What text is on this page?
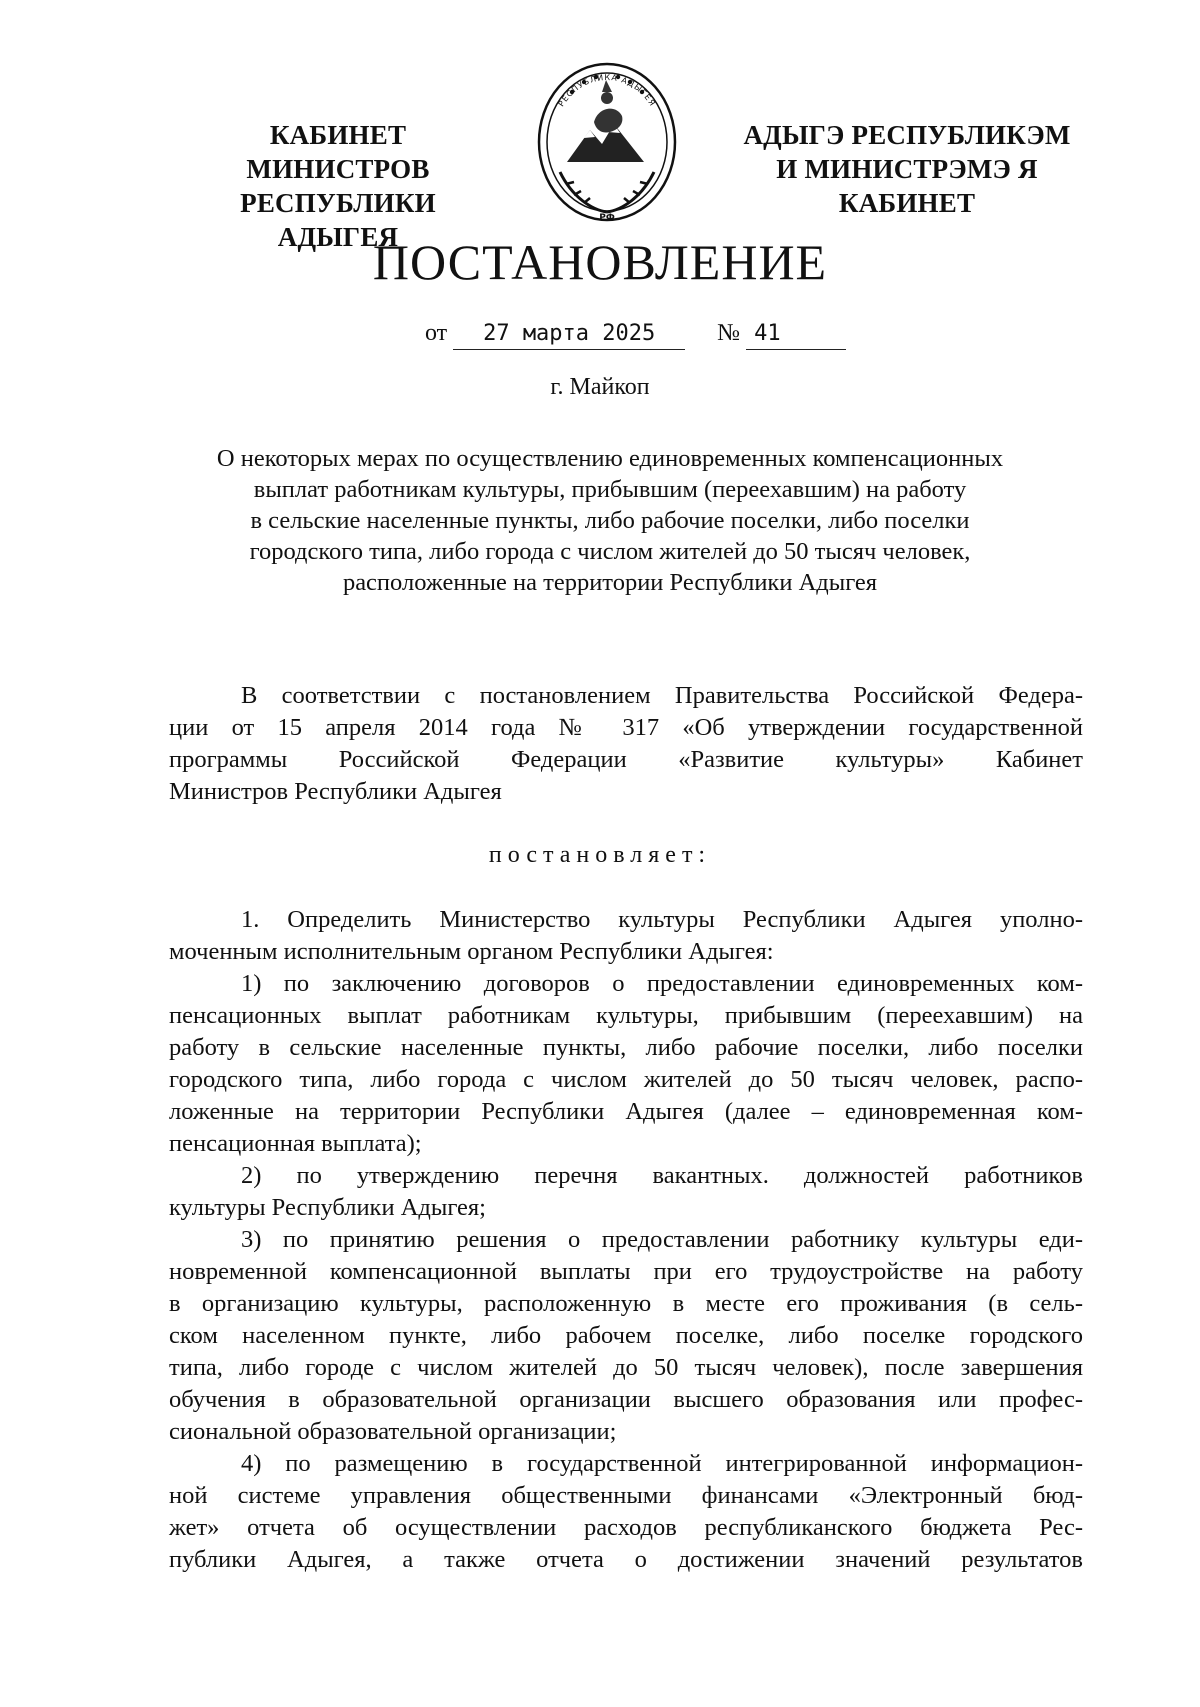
КАБИНЕТ МИНИСТРОВ
РЕСПУБЛИКИ АДЫГЕЯ
РЕСПУБЛИКА АДЫГЕЯ
РФ
АДЫГЭ РЕСПУБЛИКЭМ
И МИНИСТРЭМЭ Я КАБИНЕТ
ПОСТАНОВЛЕНИЕ
от 27 марта 2025	№ 41
г. Майкоп
О некоторых мерах по осуществлению единовременных компенсационных
выплат работникам культуры, прибывшим (переехавшим) на работу
в сельские населенные пункты, либо рабочие поселки, либо поселки
городского типа, либо города с числом жителей до 50 тысяч человек,
расположенные на территории Республики Адыгея
В соответствии с постановлением Правительства Российской Федера-
ции от 15 апреля 2014 года № 317 «Об утверждении государственной
программы Российской Федерации «Развитие культуры» Кабинет
Министров Республики Адыгея
постановляет:
1. Определить Министерство культуры Республики Адыгея уполно-
моченным исполнительным органом Республики Адыгея:
1) по заключению договоров о предоставлении единовременных ком-
пенсационных выплат работникам культуры, прибывшим (переехавшим) на
работу в сельские населенные пункты, либо рабочие поселки, либо поселки
городского типа, либо города с числом жителей до 50 тысяч человек, распо-
ложенные на территории Республики Адыгея (далее – единовременная ком-
пенсационная выплата);
2) по утверждению перечня вакантных. должностей работников
культуры Республики Адыгея;
3) по принятию решения о предоставлении работнику культуры еди-
новременной компенсационной выплаты при его трудоустройстве на работу
в организацию культуры, расположенную в месте его проживания (в сель-
ском населенном пункте, либо рабочем поселке, либо поселке городского
типа, либо городе с числом жителей до 50 тысяч человек), после завершения
обучения в образовательной организации высшего образования или профес-
сиональной образовательной организации;
4) по размещению в государственной интегрированной информацион-
ной системе управления общественными финансами «Электронный бюд-
жет» отчета об осуществлении расходов республиканского бюджета Рес-
публики Адыгея, а также отчета о достижении значений результатов
